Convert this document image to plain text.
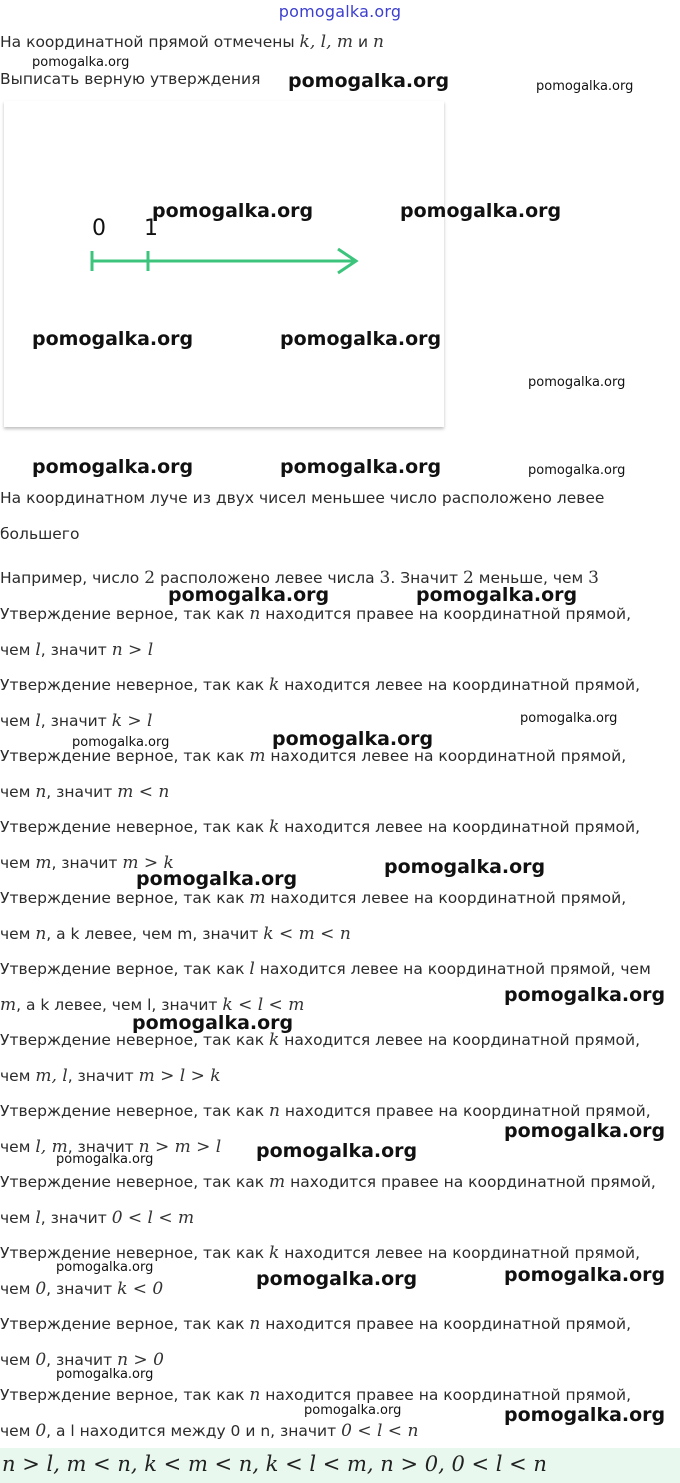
pomogalka.org
На координатной прямой отмечены k, l, m и n
Выписать верную утверждения
0 1
На координатном луче из двух чисел меньшее число расположено левее большего
Например, число 2 расположено левее числа 3. Значит 2 меньше, чем 3
Утверждение верное, так как n находится правее на координатной прямой,
чем l, значит n > l
Утверждение неверное, так как k находится левее на координатной прямой,
чем l, значит k > l
Утверждение верное, так как m находится левее на координатной прямой,
чем n, значит m < n
Утверждение неверное, так как k находится левее на координатной прямой,
чем m, значит m > k
Утверждение верное, так как m находится левее на координатной прямой,
чем n, а k левее, чем m, значит k < m < n
Утверждение верное, так как l находится левее на координатной прямой, чем
m, а k левее, чем l, значит k < l < m
Утверждение неверное, так как k находится левее на координатной прямой,
чем m, l, значит m > l > k
Утверждение неверное, так как n находится правее на координатной прямой,
чем l, m, значит n > m > l
Утверждение неверное, так как m находится правее на координатной прямой,
чем l, значит 0 < l < m
Утверждение неверное, так как k находится левее на координатной прямой,
чем 0, значит k < 0
Утверждение верное, так как n находится правее на координатной прямой,
чем 0, значит n > 0
Утверждение верное, так как n находится правее на координатной прямой,
чем 0, а l находится между 0 и n, значит 0 < l < n
n > l, m < n, k < m < n, k < l < m, n > 0, 0 < l < n
pomogalka.org
pomogalka.org	pomogalka.org
pomogalka.org	pomogalka.org
pomogalka.org	pomogalka.org
pomogalka.org
pomogalka.org	pomogalka.org	pomogalka.org
pomogalka.org	pomogalka.org
pomogalka.org
pomogalka.org	pomogalka.org
pomogalka.org
pomogalka.org
pomogalka.org
pomogalka.org
pomogalka.org
pomogalka.org
pomogalka.org
pomogalka.org
pomogalka.org	pomogalka.org
pomogalka.org
pomogalka.org	pomogalka.org
